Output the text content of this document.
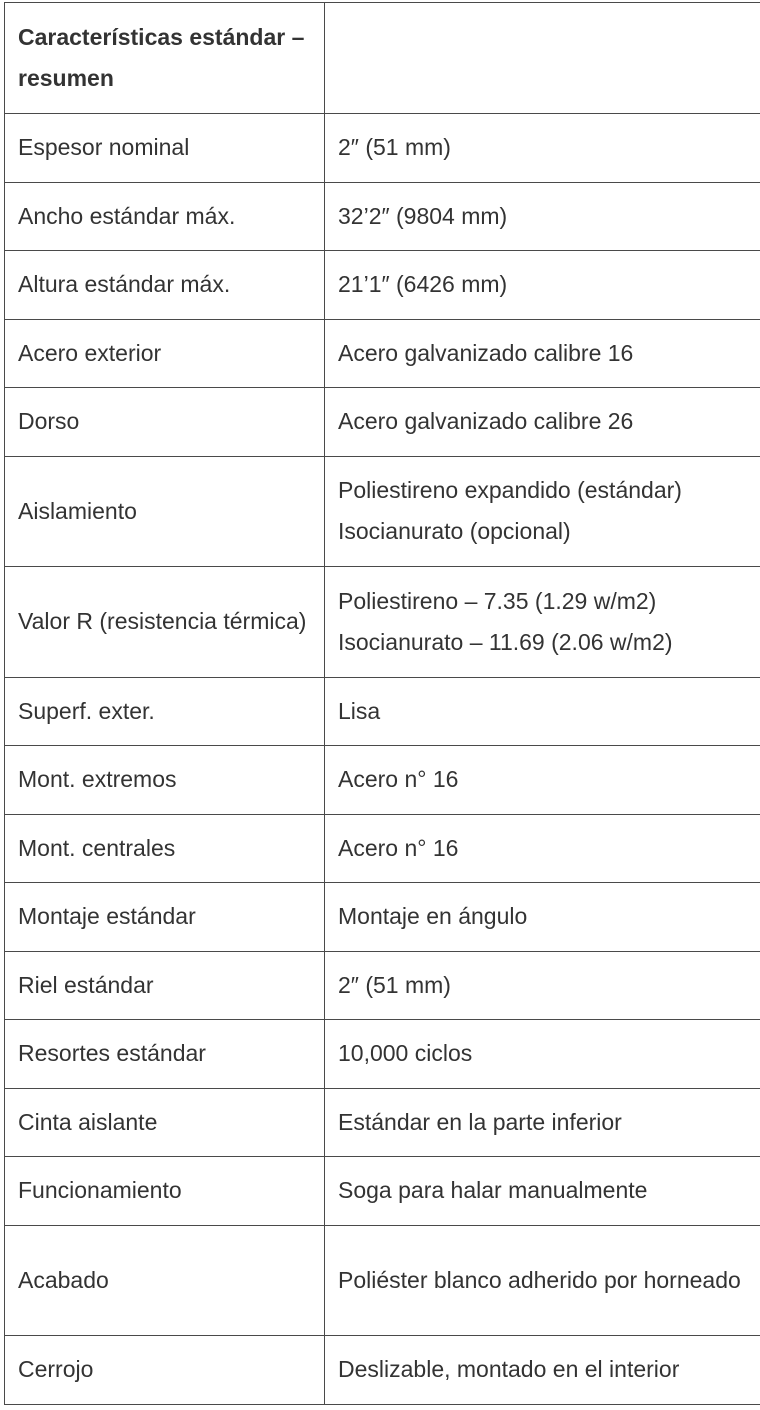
Características estándar – resumen	
Espesor nominal	2″ (51 mm)

Ancho estándar máx.	32’2″ (9804 mm)

Altura estándar máx.	21’1″ (6426 mm)

Acero exterior	Acero galvanizado calibre 16

Dorso	Acero galvanizado calibre 26

Aislamiento	Poliestireno expandido (estándar)
Isocianurato (opcional)

Valor R (resistencia térmica)	Poliestireno – 7.35 (1.29 w/m2)
Isocianurato – 11.69 (2.06 w/m2)

Superf. exter.	Lisa

Mont. extremos	Acero n° 16

Mont. centrales	Acero n° 16

Montaje estándar	Montaje en ángulo

Riel estándar	2″ (51 mm)

Resortes estándar	10,000 ciclos

Cinta aislante	Estándar en la parte inferior

Funcionamiento	Soga para halar manualmente

Acabado	Poliéster blanco adherido por horneado

Cerrojo	Deslizable, montado en el interior
